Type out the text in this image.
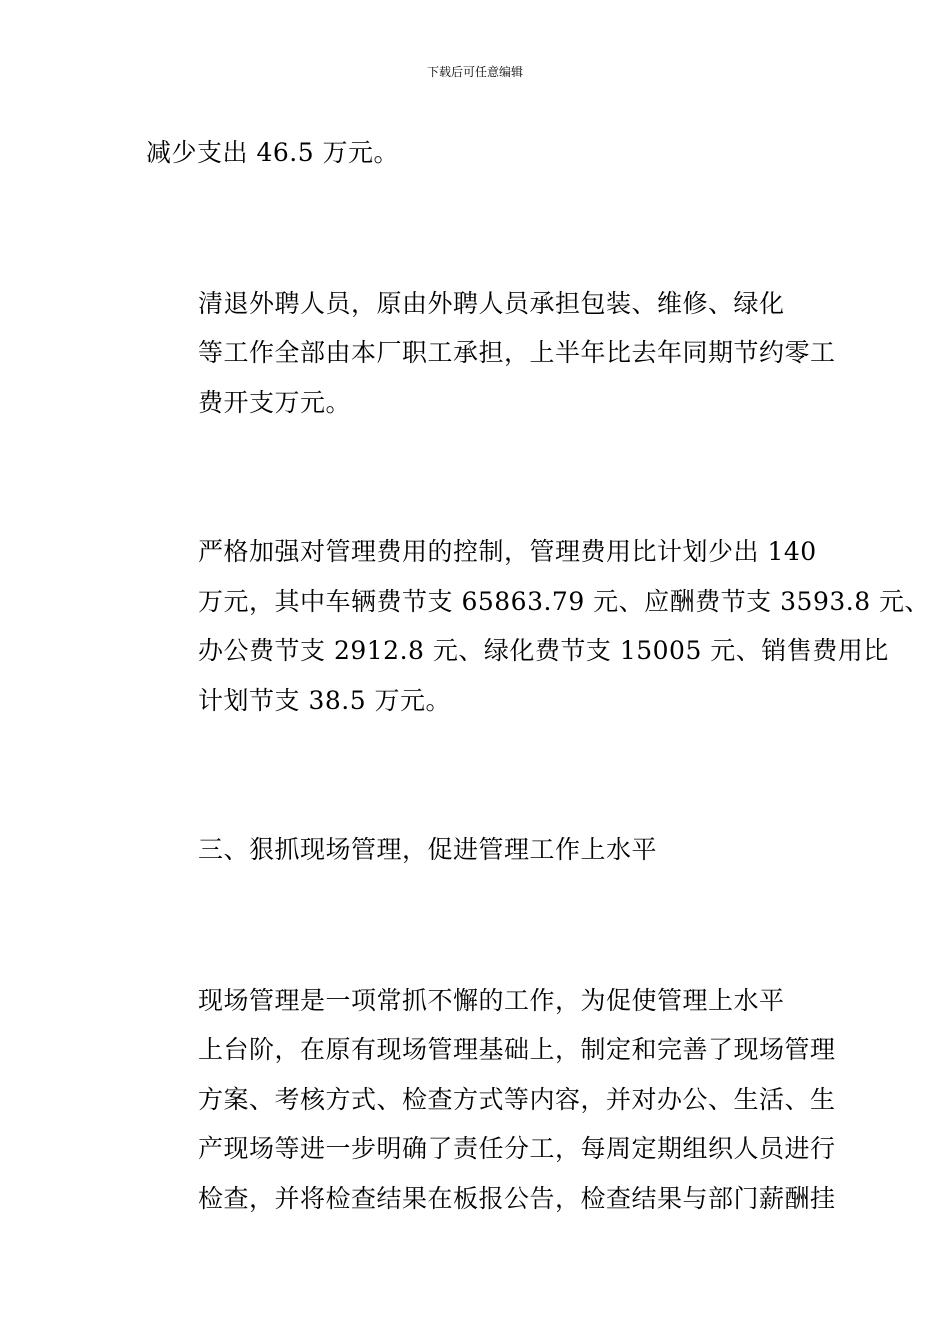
下载后可任意编辑

减少支出 46.5 万元。

清退外聘人员，原由外聘人员承担包装、维修、绿化
等工作全部由本厂职工承担，上半年比去年同期节约零工
费开支万元。

严格加强对管理费用的控制，管理费用比计划少出 140
万元，其中车辆费节支 65863.79 元、应酬费节支 3593.8 元、
办公费节支 2912.8 元、绿化费节支 15005 元、销售费用比
计划节支 38.5 万元。

三、狠抓现场管理，促进管理工作上水平

现场管理是一项常抓不懈的工作，为促使管理上水平
上台阶，在原有现场管理基础上，制定和完善了现场管理
方案、考核方式、检查方式等内容，并对办公、生活、生
产现场等进一步明确了责任分工，每周定期组织人员进行
检查，并将检查结果在板报公告，检查结果与部门薪酬挂
